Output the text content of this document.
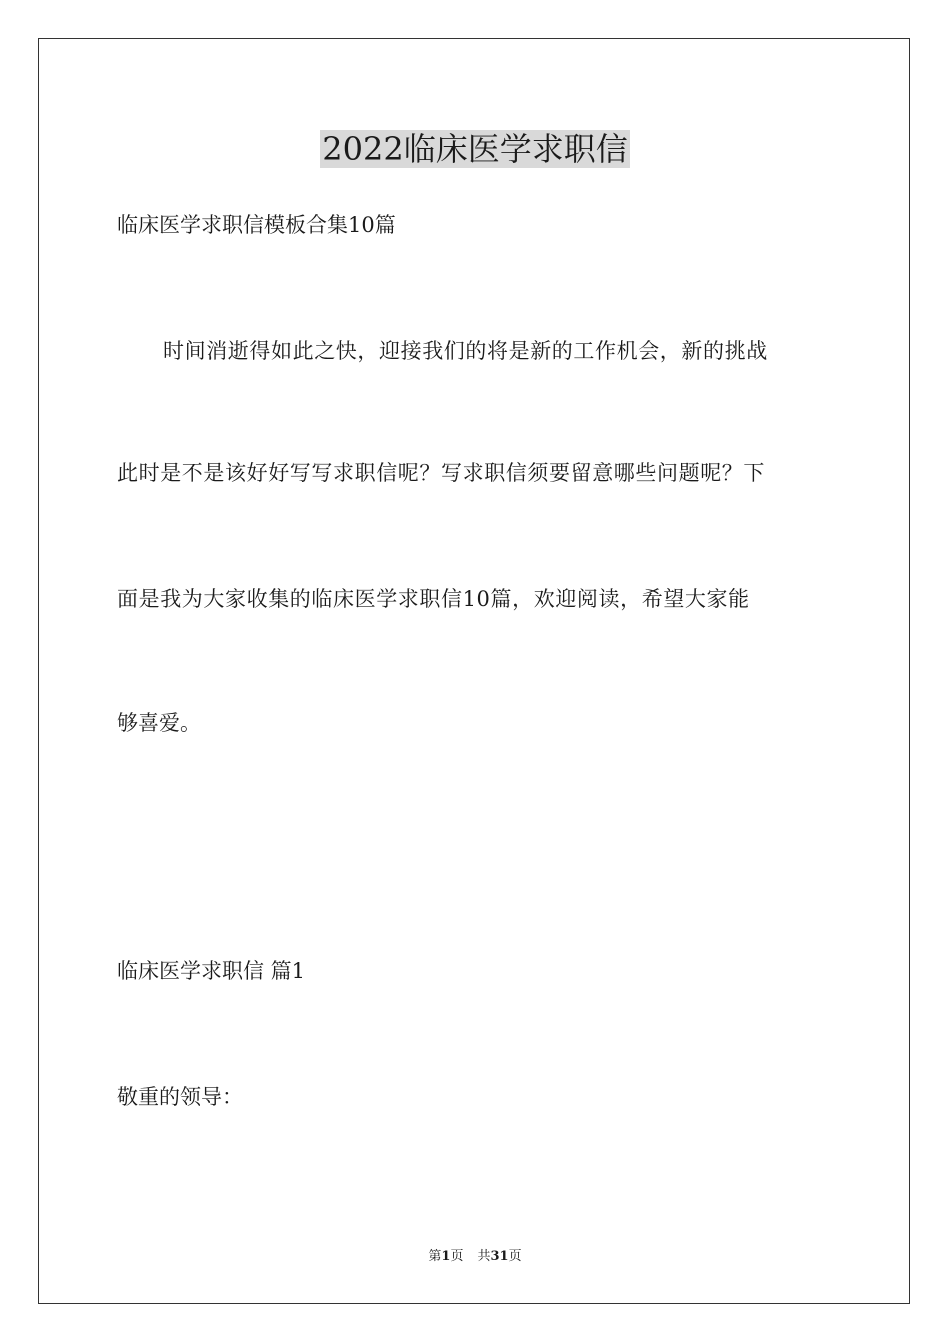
2022临床医学求职信
临床医学求职信模板合集10篇
时间消逝得如此之快，迎接我们的将是新的工作机会，新的挑战
此时是不是该好好写写求职信呢？写求职信须要留意哪些问题呢？下
面是我为大家收集的临床医学求职信10篇，欢迎阅读，希望大家能
够喜爱。
临床医学求职信 篇1
敬重的领导：
第1页 共31页
